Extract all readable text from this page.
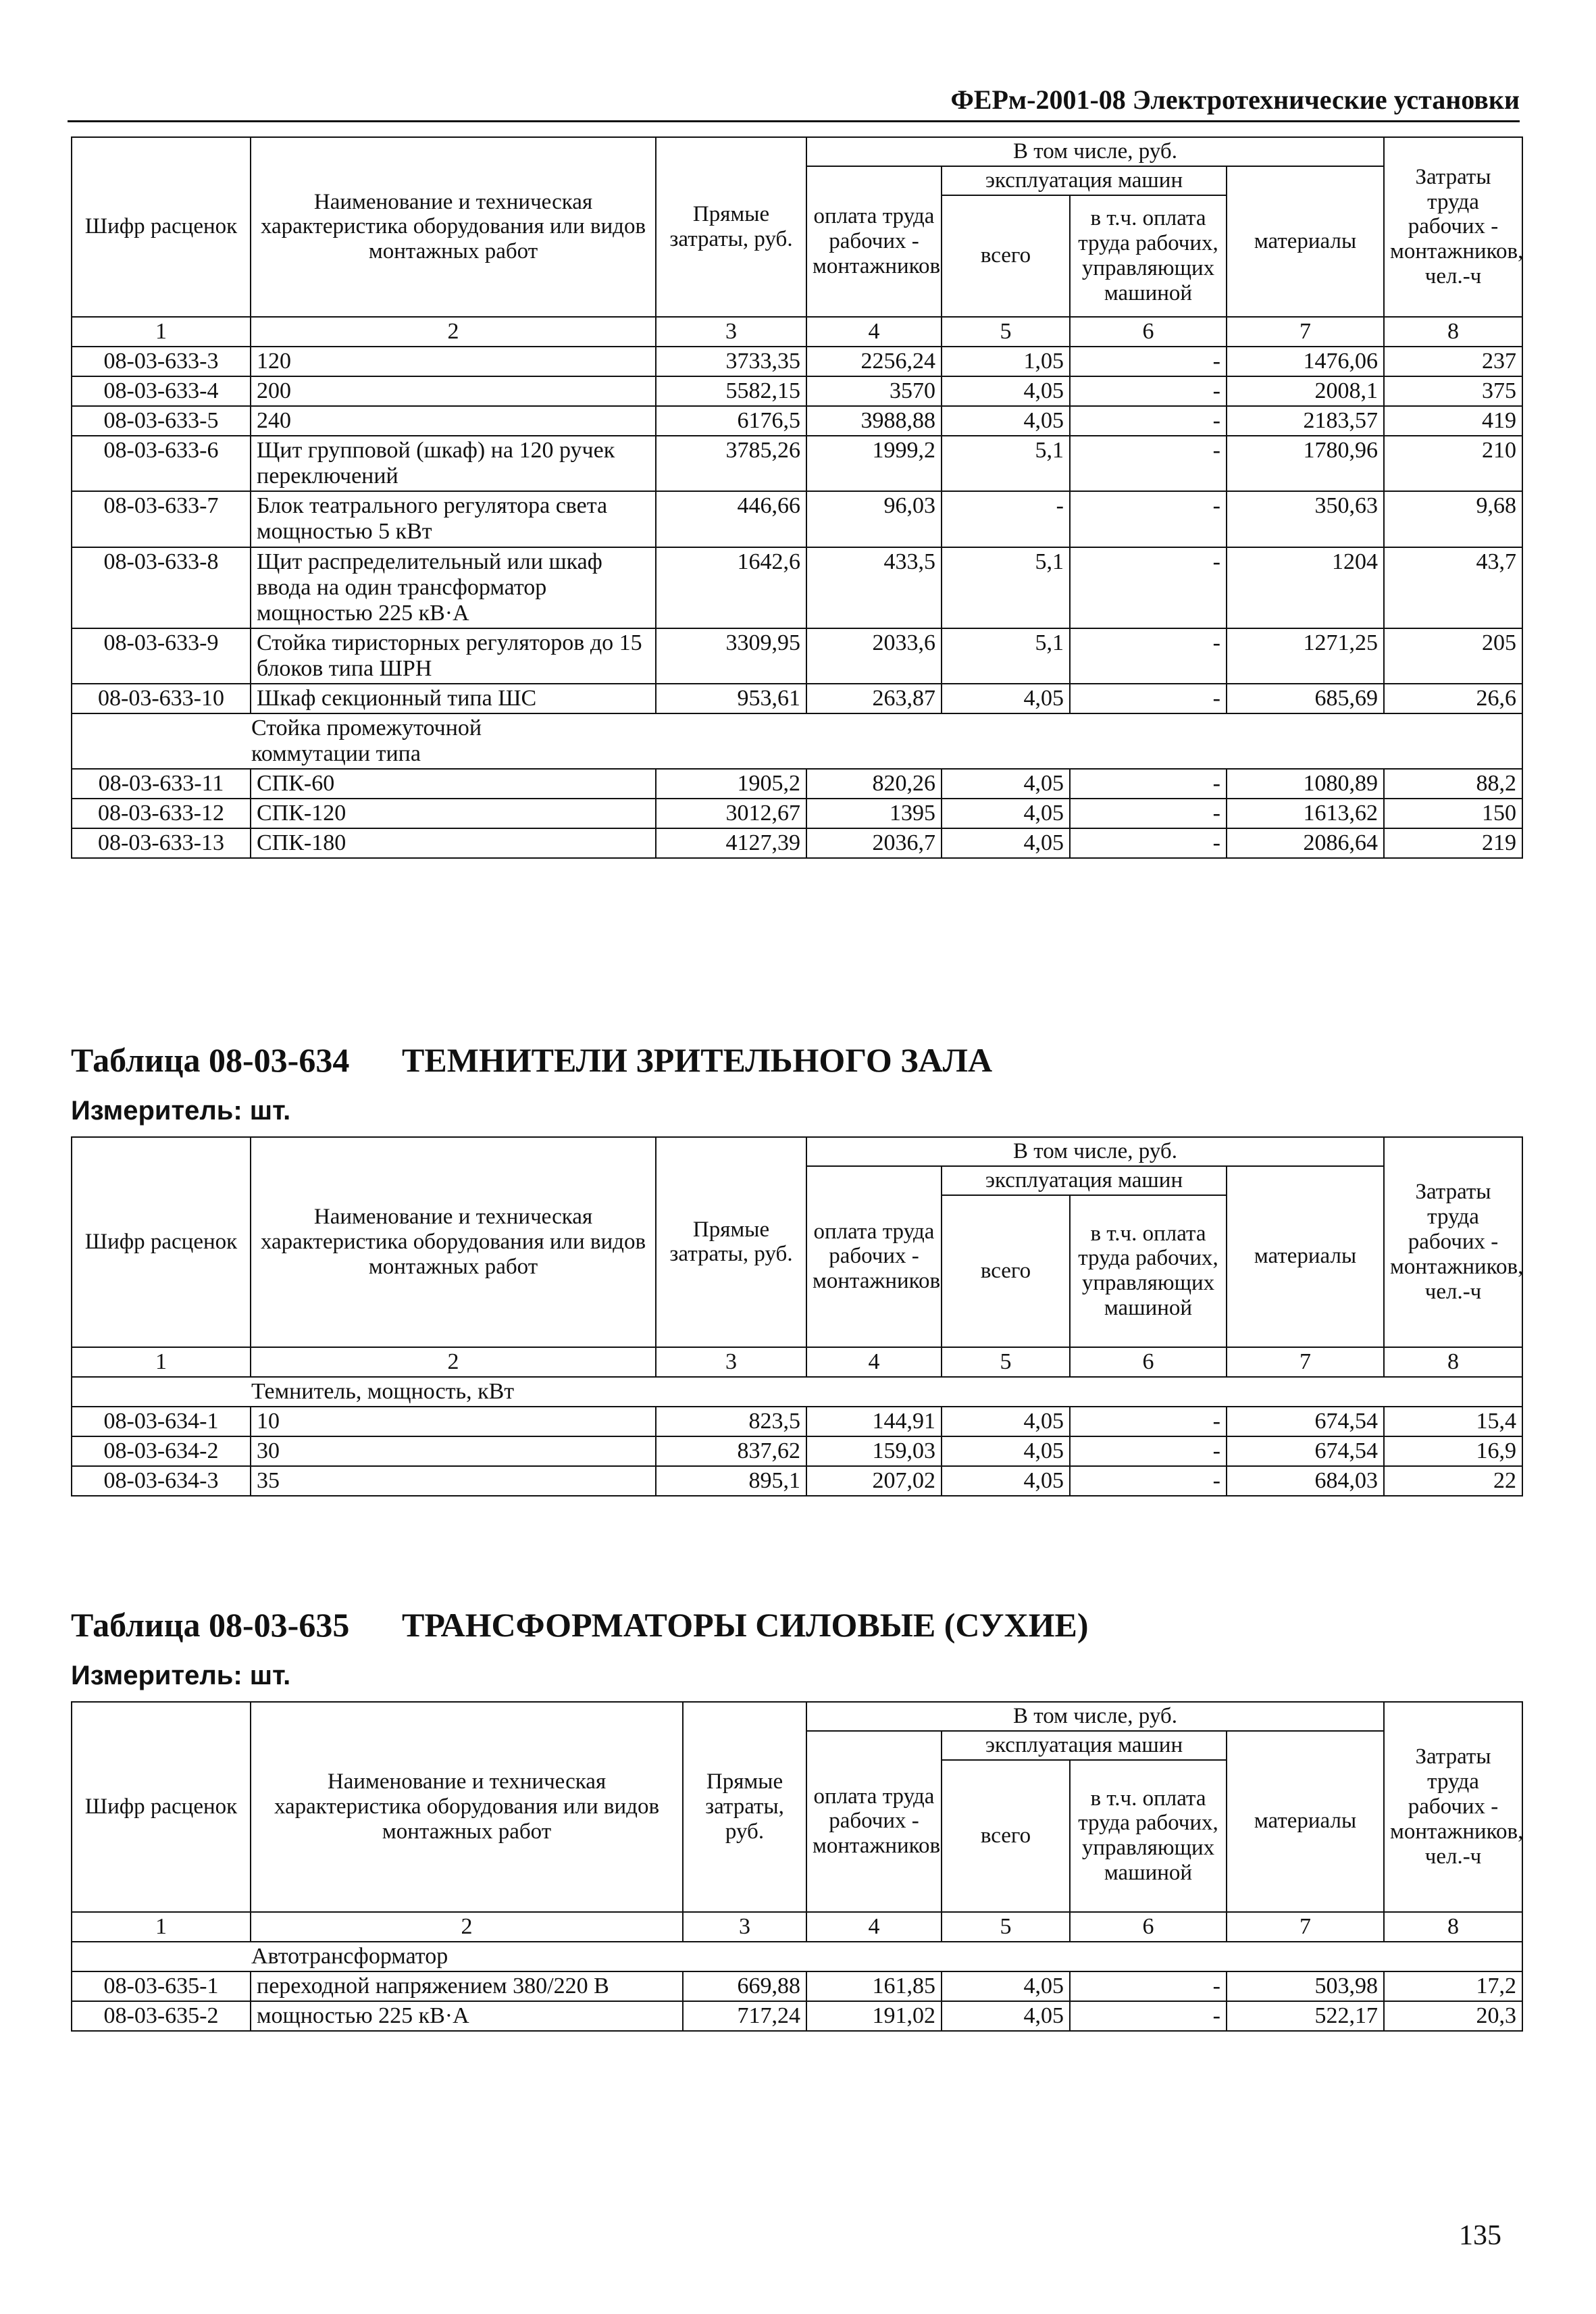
ФЕРм-2001-08 Электротехнические установки
Шифр расценок	Наименование и техническая характеристика оборудования или видов монтажных работ	Прямые затраты, руб.	В том числе, руб.				Затраты труда рабочих - монтажников, чел.-ч
			оплата труда рабочих - монтажников	эксплуатация машин		материалы	
				всего	в т.ч. оплата труда рабочих, управляющих машиной		
1	2	3	4	5	6	7	8
08-03-633-3	120	3733,35	2256,24	1,05	-	1476,06	237
08-03-633-4	200	5582,15	3570	4,05	-	2008,1	375
08-03-633-5	240	6176,5	3988,88	4,05	-	2183,57	419
08-03-633-6	Щит групповой (шкаф) на 120 ручек переключений	3785,26	1999,2	5,1	-	1780,96	210
08-03-633-7	Блок театрального регулятора света мощностью 5 кВт	446,66	96,03	-	-	350,63	9,68
08-03-633-8	Щит распределительный или шкаф ввода на один трансформатор мощностью 225 кВ·А	1642,6	433,5	5,1	-	1204	43,7
08-03-633-9	Стойка тиристорных регуляторов до 15 блоков типа ШРН	3309,95	2033,6	5,1	-	1271,25	205
08-03-633-10	Шкаф секционный типа ШС	953,61	263,87	4,05	-	685,69	26,6
Стойка промежуточной коммутации типа							
08-03-633-11	СПК-60	1905,2	820,26	4,05	-	1080,89	88,2
08-03-633-12	СПК-120	3012,67	1395	4,05	-	1613,62	150
08-03-633-13	СПК-180	4127,39	2036,7	4,05	-	2086,64	219
Таблица 08-03-634 ТЕМНИТЕЛИ ЗРИТЕЛЬНОГО ЗАЛА
Измеритель: шт.
Шифр расценок	Наименование и техническая характеристика оборудования или видов монтажных работ	Прямые затраты, руб.	В том числе, руб.				Затраты труда рабочих - монтажников, чел.-ч
			оплата труда рабочих - монтажников	эксплуатация машин		материалы	
				всего	в т.ч. оплата труда рабочих, управляющих машиной		
1	2	3	4	5	6	7	8
Темнитель, мощность, кВт							
08-03-634-1	10	823,5	144,91	4,05	-	674,54	15,4
08-03-634-2	30	837,62	159,03	4,05	-	674,54	16,9
08-03-634-3	35	895,1	207,02	4,05	-	684,03	22
Таблица 08-03-635 ТРАНСФОРМАТОРЫ СИЛОВЫЕ (СУХИЕ)
Измеритель: шт.
Шифр расценок	Наименование и техническая характеристика оборудования или видов монтажных работ	Прямые затраты, руб.	В том числе, руб.				Затраты труда рабочих - монтажников, чел.-ч
			оплата труда рабочих - монтажников	эксплуатация машин		материалы	
				всего	в т.ч. оплата труда рабочих, управляющих машиной		
1	2	3	4	5	6	7	8
Автотрансформатор							
08-03-635-1	переходной напряжением 380/220 В	669,88	161,85	4,05	-	503,98	17,2
08-03-635-2	мощностью 225 кВ·А	717,24	191,02	4,05	-	522,17	20,3
135
